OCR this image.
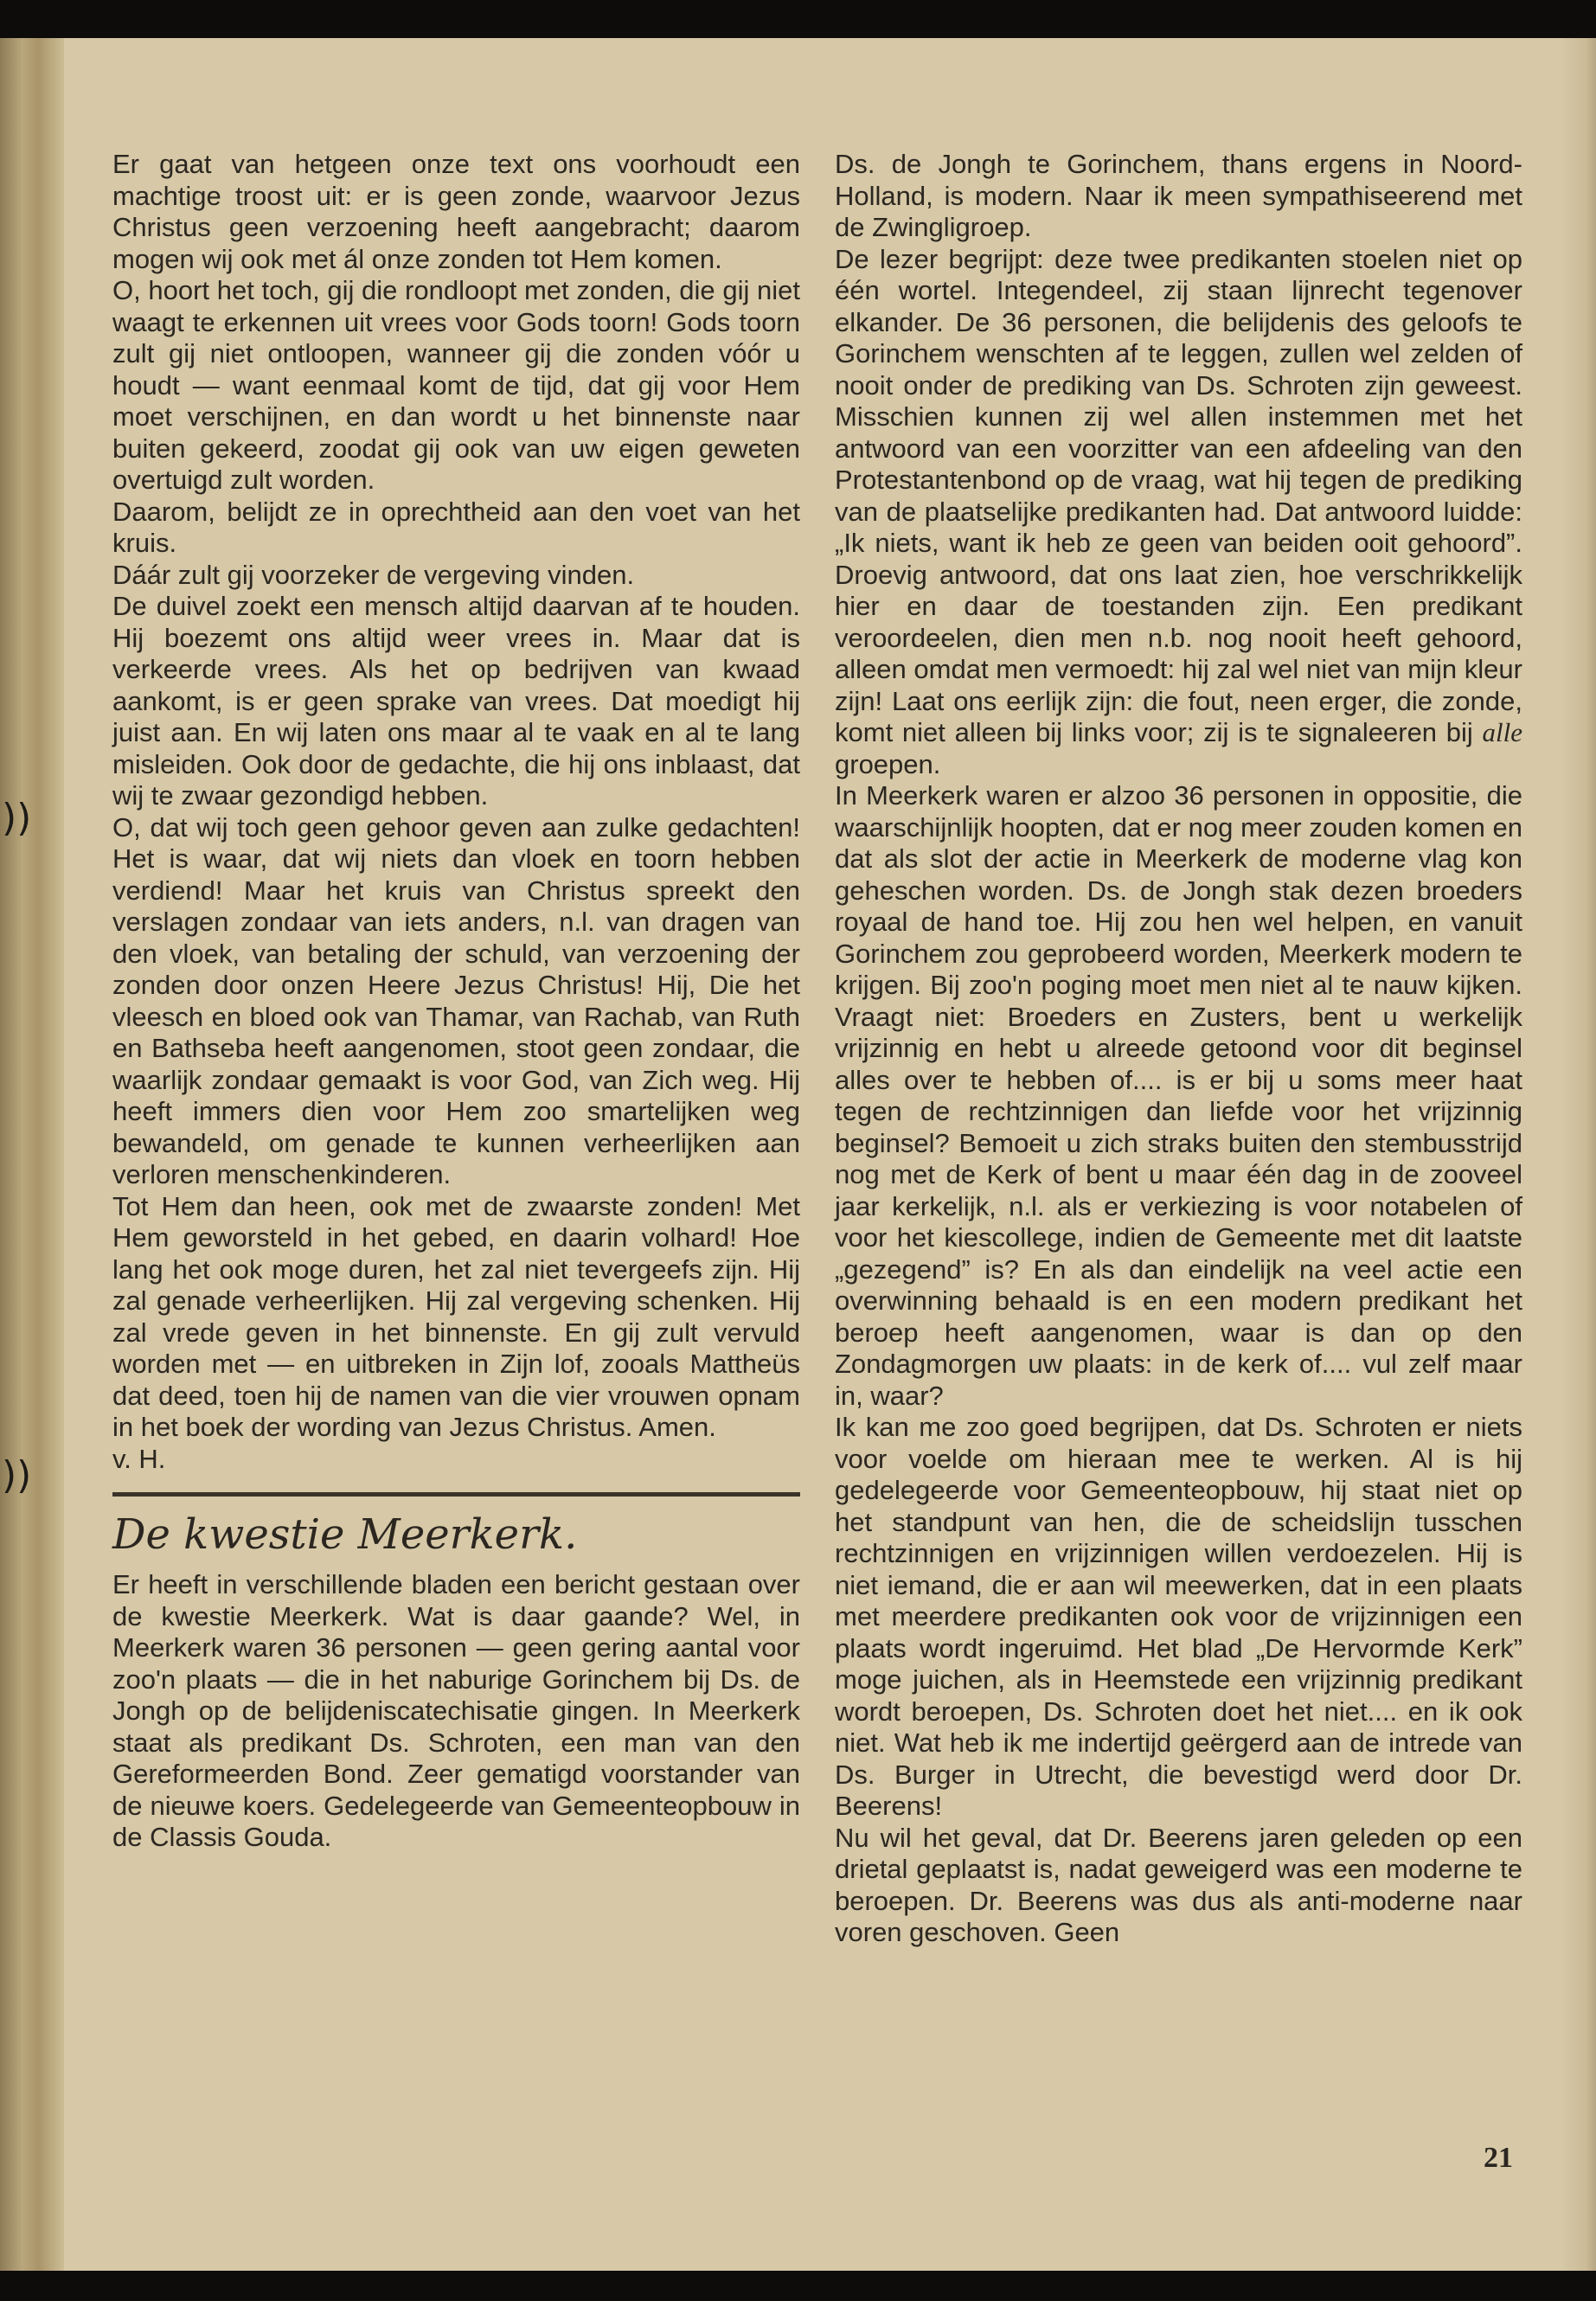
))
))

Er gaat van hetgeen onze text ons voorhoudt een machtige troost uit: er is geen zonde, waarvoor Jezus Christus geen verzoening heeft aangebracht; daarom mogen wij ook met ál onze zonden tot Hem komen.

O, hoort het toch, gij die rondloopt met zonden, die gij niet waagt te erkennen uit vrees voor Gods toorn! Gods toorn zult gij niet ontloopen, wanneer gij die zonden vóór u houdt — want eenmaal komt de tijd, dat gij voor Hem moet verschijnen, en dan wordt u het binnenste naar buiten gekeerd, zoodat gij ook van uw eigen geweten overtuigd zult worden.

Daarom, belijdt ze in oprechtheid aan den voet van het kruis.

Dáár zult gij voorzeker de vergeving vinden.

De duivel zoekt een mensch altijd daarvan af te houden. Hij boezemt ons altijd weer vrees in. Maar dat is verkeerde vrees. Als het op bedrijven van kwaad aankomt, is er geen sprake van vrees. Dat moedigt hij juist aan. En wij laten ons maar al te vaak en al te lang misleiden. Ook door de gedachte, die hij ons inblaast, dat wij te zwaar gezondigd hebben.

O, dat wij toch geen gehoor geven aan zulke gedachten! Het is waar, dat wij niets dan vloek en toorn hebben verdiend! Maar het kruis van Christus spreekt den verslagen zondaar van iets anders, n.l. van dragen van den vloek, van betaling der schuld, van verzoening der zonden door onzen Heere Jezus Christus! Hij, Die het vleesch en bloed ook van Thamar, van Rachab, van Ruth en Bathseba heeft aangenomen, stoot geen zondaar, die waarlijk zondaar gemaakt is voor God, van Zich weg. Hij heeft immers dien voor Hem zoo smartelijken weg bewandeld, om genade te kunnen verheerlijken aan verloren menschenkinderen.

Tot Hem dan heen, ook met de zwaarste zonden! Met Hem geworsteld in het gebed, en daarin volhard! Hoe lang het ook moge duren, het zal niet tevergeefs zijn. Hij zal genade verheerlijken. Hij zal vergeving schenken. Hij zal vrede geven in het binnenste. En gij zult vervuld worden met — en uitbreken in Zijn lof, zooals Mattheüs dat deed, toen hij de namen van die vier vrouwen opnam in het boek der wording van Jezus Christus. Amen.

v. H.

De kwestie Meerkerk.

Er heeft in verschillende bladen een bericht gestaan over de kwestie Meerkerk. Wat is daar gaande? Wel, in Meerkerk waren 36 personen — geen gering aantal voor zoo'n plaats — die in het naburige Gorinchem bij Ds. de Jongh op de belijdeniscatechisatie gingen. In Meerkerk staat als predikant Ds. Schroten, een man van den Gereformeerden Bond. Zeer gematigd voorstander van de nieuwe koers. Gedelegeerde van Gemeenteopbouw in de Classis Gouda.

Ds. de Jongh te Gorinchem, thans ergens in Noord-Holland, is modern. Naar ik meen sympathiseerend met de Zwingligroep.

De lezer begrijpt: deze twee predikanten stoelen niet op één wortel. Integendeel, zij staan lijnrecht tegenover elkander. De 36 personen, die belijdenis des geloofs te Gorinchem wenschten af te leggen, zullen wel zelden of nooit onder de prediking van Ds. Schroten zijn geweest. Misschien kunnen zij wel allen instemmen met het antwoord van een voorzitter van een afdeeling van den Protestantenbond op de vraag, wat hij tegen de prediking van de plaatselijke predikanten had. Dat antwoord luidde: „Ik niets, want ik heb ze geen van beiden ooit gehoord”. Droevig antwoord, dat ons laat zien, hoe verschrikkelijk hier en daar de toestanden zijn. Een predikant veroordeelen, dien men n.b. nog nooit heeft gehoord, alleen omdat men vermoedt: hij zal wel niet van mijn kleur zijn! Laat ons eerlijk zijn: die fout, neen erger, die zonde, komt niet alleen bij links voor; zij is te signaleeren bij alle groepen.

In Meerkerk waren er alzoo 36 personen in oppositie, die waarschijnlijk hoopten, dat er nog meer zouden komen en dat als slot der actie in Meerkerk de moderne vlag kon geheschen worden. Ds. de Jongh stak dezen broeders royaal de hand toe. Hij zou hen wel helpen, en vanuit Gorinchem zou geprobeerd worden, Meerkerk modern te krijgen. Bij zoo'n poging moet men niet al te nauw kijken. Vraagt niet: Broeders en Zusters, bent u werkelijk vrijzinnig en hebt u alreede getoond voor dit beginsel alles over te hebben of.... is er bij u soms meer haat tegen de rechtzinnigen dan liefde voor het vrijzinnig beginsel? Bemoeit u zich straks buiten den stembusstrijd nog met de Kerk of bent u maar één dag in de zooveel jaar kerkelijk, n.l. als er verkiezing is voor notabelen of voor het kiescollege, indien de Gemeente met dit laatste „gezegend” is? En als dan eindelijk na veel actie een overwinning behaald is en een modern predikant het beroep heeft aangenomen, waar is dan op den Zondagmorgen uw plaats: in de kerk of.... vul zelf maar in, waar?

Ik kan me zoo goed begrijpen, dat Ds. Schroten er niets voor voelde om hieraan mee te werken. Al is hij gedelegeerde voor Gemeenteopbouw, hij staat niet op het standpunt van hen, die de scheidslijn tusschen rechtzinnigen en vrijzinnigen willen verdoezelen. Hij is niet iemand, die er aan wil meewerken, dat in een plaats met meerdere predikanten ook voor de vrijzinnigen een plaats wordt ingeruimd. Het blad „De Hervormde Kerk” moge juichen, als in Heemstede een vrijzinnig predikant wordt beroepen, Ds. Schroten doet het niet.... en ik ook niet. Wat heb ik me indertijd geërgerd aan de intrede van Ds. Burger in Utrecht, die bevestigd werd door Dr. Beerens!

Nu wil het geval, dat Dr. Beerens jaren geleden op een drietal geplaatst is, nadat geweigerd was een moderne te beroepen. Dr. Beerens was dus als anti-moderne naar voren geschoven. Geen

21
